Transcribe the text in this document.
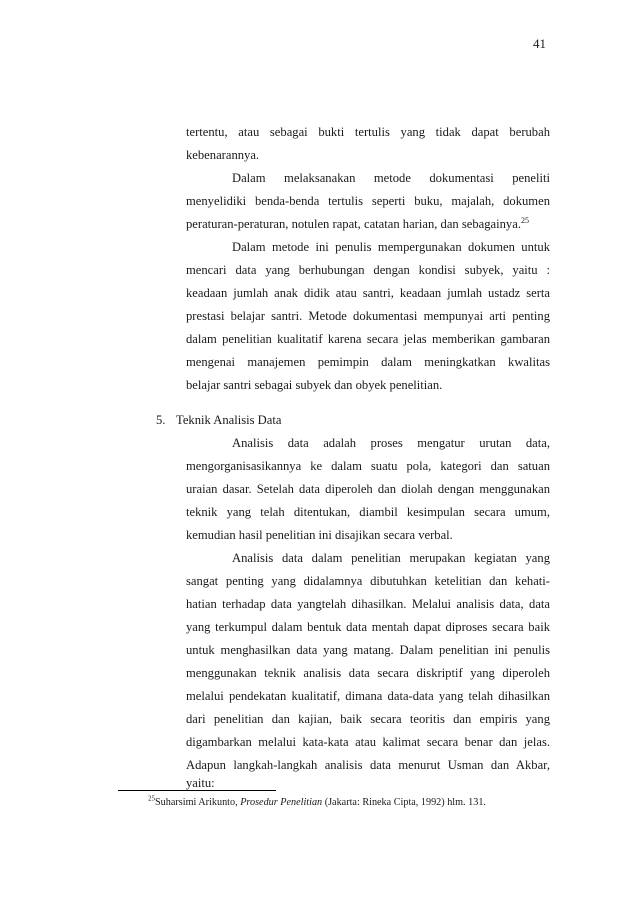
41
tertentu, atau sebagai bukti tertulis yang tidak dapat berubah
kebenarannya.
Dalam melaksanakan metode dokumentasi peneliti
menyelidiki benda-benda tertulis seperti buku, majalah, dokumen
peraturan-peraturan, notulen rapat, catatan harian, dan sebagainya.$^{25}$
Dalam metode ini penulis mempergunakan dokumen untuk
mencari data yang berhubungan dengan kondisi subyek, yaitu :
keadaan jumlah anak didik atau santri, keadaan jumlah ustadz serta
prestasi belajar santri. Metode dokumentasi mempunyai arti penting
dalam penelitian kualitatif karena secara jelas memberikan gambaran
mengenai manajemen pemimpin dalam meningkatkan kwalitas
belajar santri sebagai subyek dan obyek penelitian.
5. Teknik Analisis Data
Analisis data adalah proses mengatur urutan data,
mengorganisasikannya ke dalam suatu pola, kategori dan satuan
uraian dasar. Setelah data diperoleh dan diolah dengan menggunakan
teknik yang telah ditentukan, diambil kesimpulan secara umum,
kemudian hasil penelitian ini disajikan secara verbal.
Analisis data dalam penelitian merupakan kegiatan yang
sangat penting yang didalamnya dibutuhkan ketelitian dan kehati-
hatian terhadap data yangtelah dihasilkan. Melalui analisis data, data
yang terkumpul dalam bentuk data mentah dapat diproses secara baik
untuk menghasilkan data yang matang. Dalam penelitian ini penulis
menggunakan teknik analisis data secara diskriptif yang diperoleh
melalui pendekatan kualitatif, dimana data-data yang telah dihasilkan
dari penelitian dan kajian, baik secara teoritis dan empiris yang
digambarkan melalui kata-kata atau kalimat secara benar dan jelas.
Adapun langkah-langkah analisis data menurut Usman dan Akbar,
yaitu:
$^{25}$Suharsimi Arikunto, Prosedur Penelitian (Jakarta: Rineka Cipta, 1992) hlm. 131.
